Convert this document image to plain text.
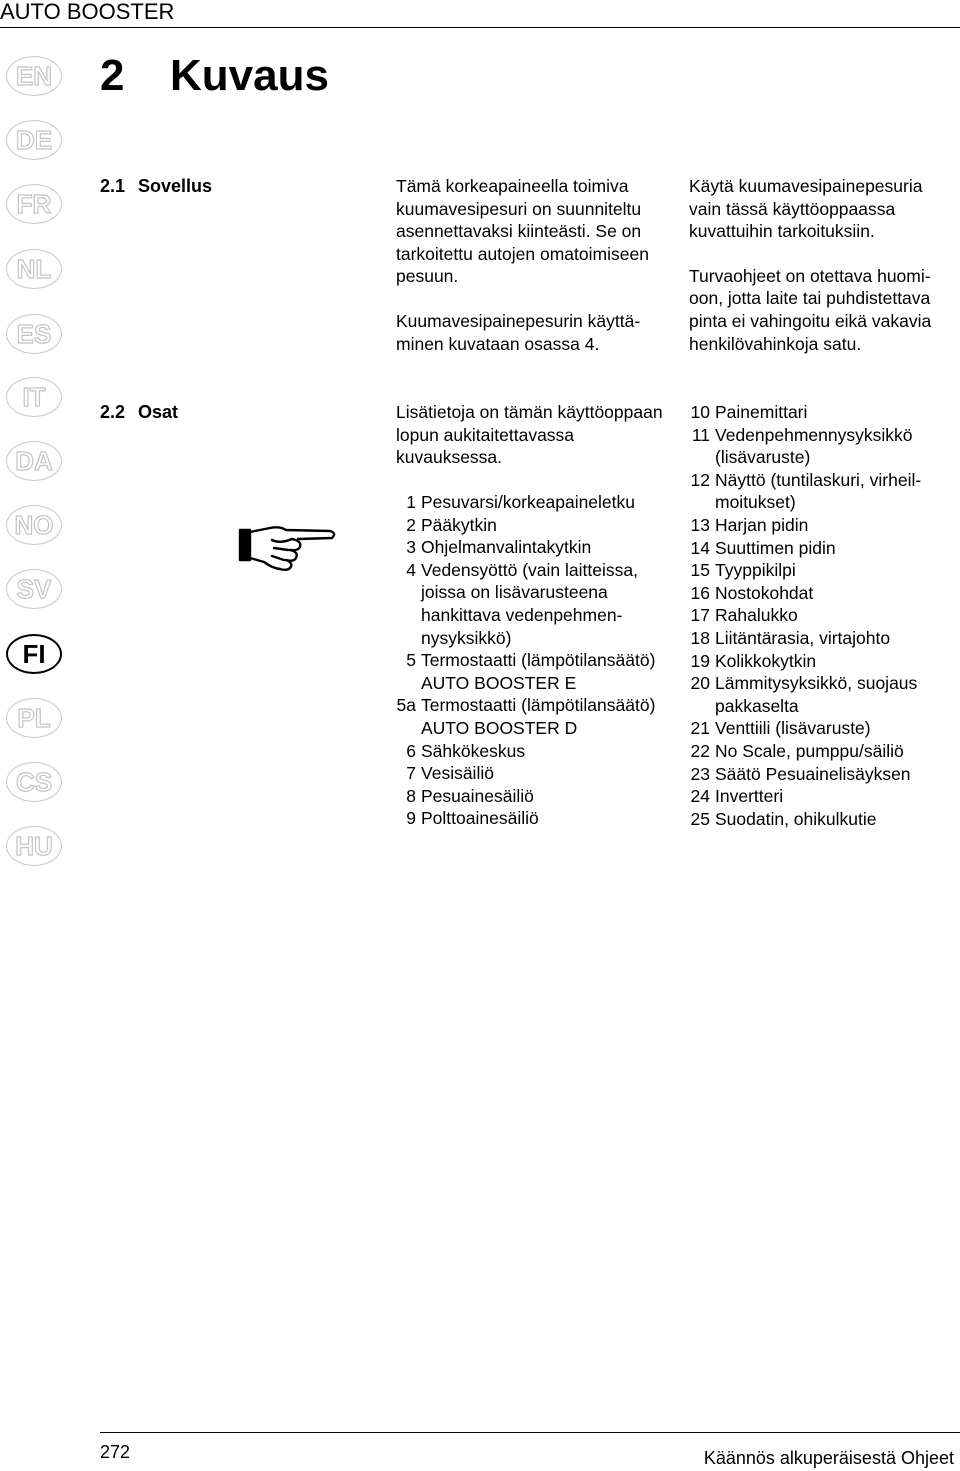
AUTO BOOSTER
EN
DE
FR
NL
ES
IT
DA
NO
SV
FI
PL
CS
HU
2 Kuvaus
2.1 Sovellus	Tämä korkeapaineella toimiva kuumavesipesuri on suunniteltu asennettavaksi kiinteästi. Se on tarkoitettu autojen omatoimiseen pesuun.

Kuumavesipainepesurin käyttäminen kuvataan osassa 4.

Käytä kuumavesipainepesuria vain tässä käyttöoppaassa kuvattuihin tarkoituksiin.

Turvaohjeet on otettava huomioon, jotta laite tai puhdistettava pinta ei vahingoitu eikä vakavia henkilövahinkoja satu.

2.2 Osat	Lisätietoja on tämän käyttöoppaan lopun aukitaitettavassa kuvauksessa.
1 Pesuvarsi/korkeapaineletku
2 Pääkytkin
3 Ohjelmanvalintakytkin
4 Vedensyöttö (vain laitteissa, joissa on lisävarusteena hankittava vedenpehmennysyksikkö)
5 Termostaatti (lämpötilansäätö) AUTO BOOSTER E
5a Termostaatti (lämpötilansäätö) AUTO BOOSTER D
6 Sähkökeskus
7 Vesisäiliö
8 Pesuainesäiliö
9 Polttoainesäiliö
10 Painemittari
11 Vedenpehmennysyksikkö (lisävaruste)
12 Näyttö (tuntilaskuri, virheilmoitukset)
13 Harjan pidin
14 Suuttimen pidin
15 Tyyppikilpi
16 Nostokohdat
17 Rahalukko
18 Liitäntärasia, virtajohto
19 Kolikkokytkin
20 Lämmitysyksikkö, suojaus pakkaselta
21 Venttiili (lisävaruste)
22 No Scale, pumppu/säiliö
23 Säätö Pesuainelisäyksen
24 Invertteri
25 Suodatin, ohikulkutie
272	Käännös alkuperäisestä Ohjeet
